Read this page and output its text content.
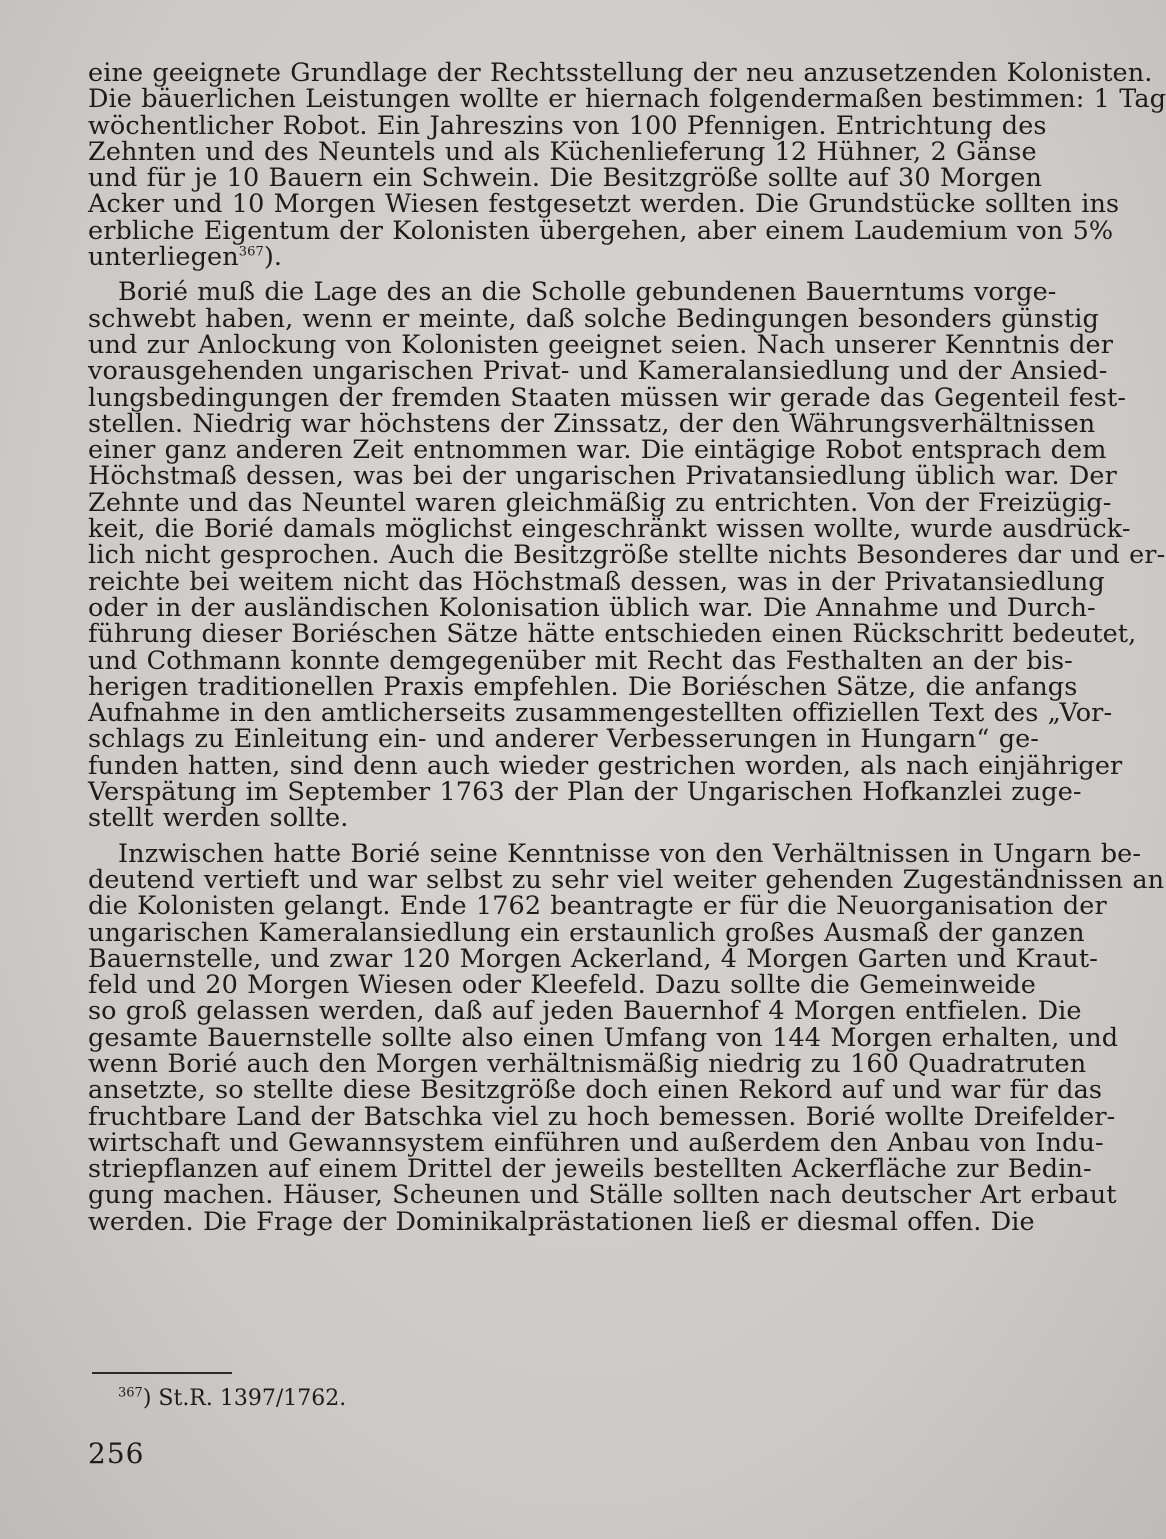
eine geeignete Grundlage der Rechtsstellung der neu anzusetzenden Kolonisten.
Die bäuerlichen Leistungen wollte er hiernach folgendermaßen bestimmen: 1 Tag
wöchentlicher Robot. Ein Jahreszins von 100 Pfennigen. Entrichtung des
Zehnten und des Neuntels und als Küchenlieferung 12 Hühner, 2 Gänse
und für je 10 Bauern ein Schwein. Die Besitzgröße sollte auf 30 Morgen
Acker und 10 Morgen Wiesen festgesetzt werden. Die Grundstücke sollten ins
erbliche Eigentum der Kolonisten übergehen, aber einem Laudemium von 5%
unterliegen$^{367}$).
Borié muß die Lage des an die Scholle gebundenen Bauerntums vorge-
schwebt haben, wenn er meinte, daß solche Bedingungen besonders günstig
und zur Anlockung von Kolonisten geeignet seien. Nach unserer Kenntnis der
vorausgehenden ungarischen Privat- und Kameralansiedlung und der Ansied-
lungsbedingungen der fremden Staaten müssen wir gerade das Gegenteil fest-
stellen. Niedrig war höchstens der Zinssatz, der den Währungsverhältnissen
einer ganz anderen Zeit entnommen war. Die eintägige Robot entsprach dem
Höchstmaß dessen, was bei der ungarischen Privatansiedlung üblich war. Der
Zehnte und das Neuntel waren gleichmäßig zu entrichten. Von der Freizügig-
keit, die Borié damals möglichst eingeschränkt wissen wollte, wurde ausdrück-
lich nicht gesprochen. Auch die Besitzgröße stellte nichts Besonderes dar und er-
reichte bei weitem nicht das Höchstmaß dessen, was in der Privatansiedlung
oder in der ausländischen Kolonisation üblich war. Die Annahme und Durch-
führung dieser Boriéschen Sätze hätte entschieden einen Rückschritt bedeutet,
und Cothmann konnte demgegenüber mit Recht das Festhalten an der bis-
herigen traditionellen Praxis empfehlen. Die Boriéschen Sätze, die anfangs
Aufnahme in den amtlicherseits zusammengestellten offiziellen Text des „Vor-
schlags zu Einleitung ein- und anderer Verbesserungen in Hungarn“ ge-
funden hatten, sind denn auch wieder gestrichen worden, als nach einjähriger
Verspätung im September 1763 der Plan der Ungarischen Hofkanzlei zuge-
stellt werden sollte.
Inzwischen hatte Borié seine Kenntnisse von den Verhältnissen in Ungarn be-
deutend vertieft und war selbst zu sehr viel weiter gehenden Zugeständnissen an
die Kolonisten gelangt. Ende 1762 beantragte er für die Neuorganisation der
ungarischen Kameralansiedlung ein erstaunlich großes Ausmaß der ganzen
Bauernstelle, und zwar 120 Morgen Ackerland, 4 Morgen Garten und Kraut-
feld und 20 Morgen Wiesen oder Kleefeld. Dazu sollte die Gemeinweide
so groß gelassen werden, daß auf jeden Bauernhof 4 Morgen entfielen. Die
gesamte Bauernstelle sollte also einen Umfang von 144 Morgen erhalten, und
wenn Borié auch den Morgen verhältnismäßig niedrig zu 160 Quadratruten
ansetzte, so stellte diese Besitzgröße doch einen Rekord auf und war für das
fruchtbare Land der Batschka viel zu hoch bemessen. Borié wollte Dreifelder-
wirtschaft und Gewannsystem einführen und außerdem den Anbau von Indu-
striepflanzen auf einem Drittel der jeweils bestellten Ackerfläche zur Bedin-
gung machen. Häuser, Scheunen und Ställe sollten nach deutscher Art erbaut
werden. Die Frage der Dominikalprästationen ließ er diesmal offen. Die
$^{367}$) St.R. 1397/1762.
256
